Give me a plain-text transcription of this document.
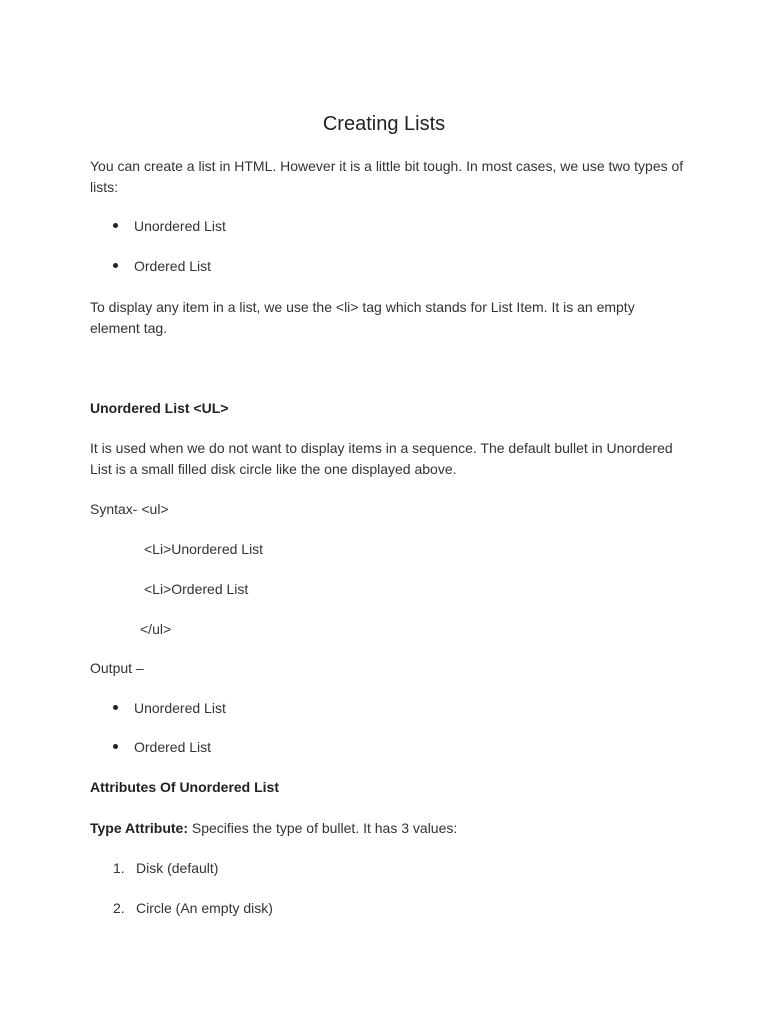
Creating Lists
You can create a list in HTML. However it is a little bit tough. In most cases, we use two types of
lists:
Unordered List
Ordered List
To display any item in a list, we use the <li> tag which stands for List Item. It is an empty
element tag.
Unordered List <UL>
It is used when we do not want to display items in a sequence. The default bullet in Unordered
List is a small filled disk circle like the one displayed above.
Syntax- <ul>
<Li>Unordered List
<Li>Ordered List
</ul>
Output –
Unordered List
Ordered List
Attributes Of Unordered List
Type Attribute: Specifies the type of bullet. It has 3 values:
1. Disk (default)
2. Circle (An empty disk)
